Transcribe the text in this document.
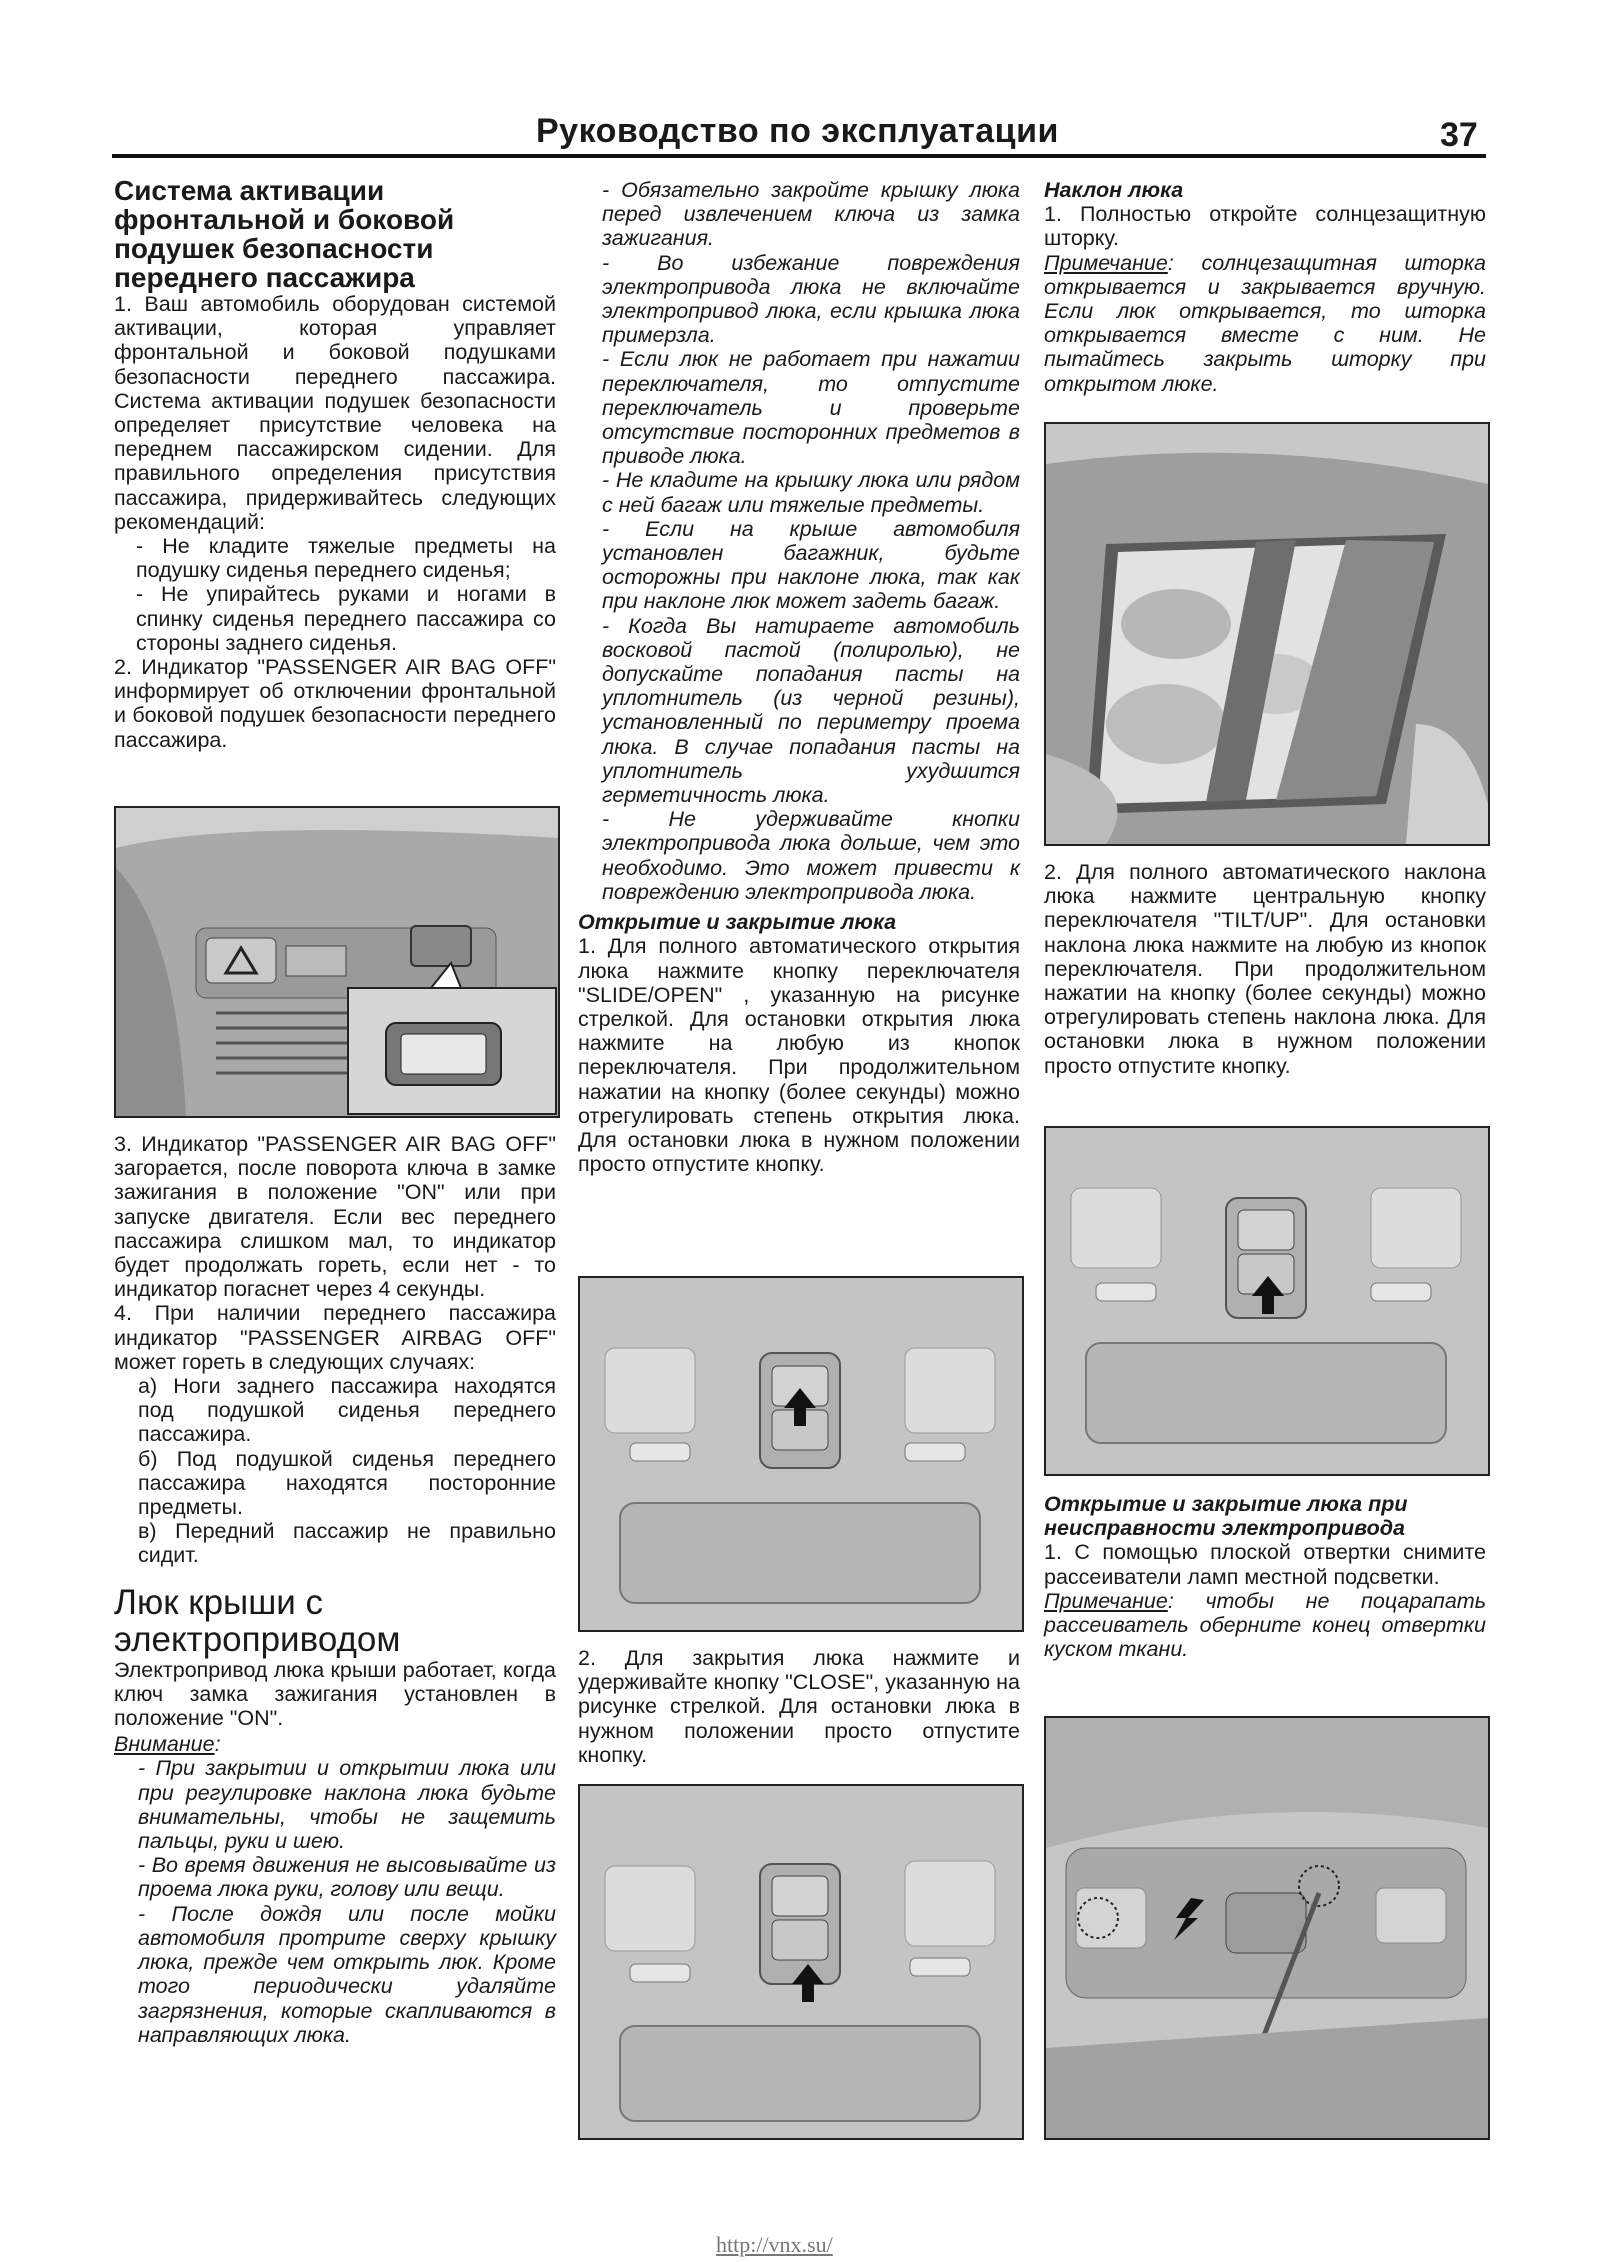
Руководство по эксплуатации	37

Система активации фронтальной и боковой подушек безопасности переднего пассажира

1. Ваш автомобиль оборудован системой активации, которая управляет фронтальной и боковой подушками безопасности переднего пассажира. Система активации подушек безопасности определяет присутствие человека на переднем пассажирском сидении. Для правильного определения присутствия пассажира, придерживайтесь следующих рекомендаций:

- Не кладите тяжелые предметы на подушку сиденья переднего сиденья;

- Не упирайтесь руками и ногами в спинку сиденья переднего пассажира со стороны заднего сиденья.

2. Индикатор "PASSENGER AIR BAG OFF" информирует об отключении фронтальной и боковой подушек безопасности переднего пассажира.

3. Индикатор "PASSENGER AIR BAG OFF" загорается, после поворота ключа в замке зажигания в положение "ON" или при запуске двигателя. Если вес переднего пассажира слишком мал, то индикатор будет продолжать гореть, если нет - то индикатор погаснет через 4 секунды.

4. При наличии переднего пассажира индикатор "PASSENGER AIRBAG OFF" может гореть в следующих случаях:

а) Ноги заднего пассажира находятся под подушкой сиденья переднего пассажира.

б) Под подушкой сиденья переднего пассажира находятся посторонние предметы.

в) Передний пассажир не правильно сидит.

Люк крыши с электроприводом

Электропривод люка крыши работает, когда ключ замка зажигания установлен в положение "ON".

Внимание:

- При закрытии и открытии люка или при регулировке наклона люка будьте внимательны, чтобы не защемить пальцы, руки и шею.

- Во время движения не высовывайте из проема люка руки, голову или вещи.

- После дождя или после мойки автомобиля протрите сверху крышку люка, прежде чем открыть люк. Кроме того периодически удаляйте загрязнения, которые скапливаются в направляющих люка.

- Обязательно закройте крышку люка перед извлечением ключа из замка зажигания.

- Во избежание повреждения электропривода люка не включайте электропривод люка, если крышка люка примерзла.

- Если люк не работает при нажатии переключателя, то отпустите переключатель и проверьте отсутствие посторонних предметов в приводе люка.

- Не кладите на крышку люка или рядом с ней багаж или тяжелые предметы.

- Если на крыше автомобиля установлен багажник, будьте осторожны при наклоне люка, так как при наклоне люк может задеть багаж.

- Когда Вы натираете автомобиль восковой пастой (полиролью), не допускайте попадания пасты на уплотнитель (из черной резины), установленный по периметру проема люка. В случае попадания пасты на уплотнитель ухудшится герметичность люка.

- Не удерживайте кнопки электропривода люка дольше, чем это необходимо. Это может привести к повреждению электропривода люка.

Открытие и закрытие люка

1. Для полного автоматического открытия люка нажмите кнопку переключателя "SLIDE/OPEN" , указанную на рисунке стрелкой. Для остановки открытия люка нажмите на любую из кнопок переключателя. При продолжительном нажатии на кнопку (более секунды) можно отрегулировать степень открытия люка. Для остановки люка в нужном положении просто отпустите кнопку.

2. Для закрытия люка нажмите и удерживайте кнопку "CLOSE", указанную на рисунке стрелкой. Для остановки люка в нужном положении просто отпустите кнопку.

Наклон люка

1. Полностью откройте солнцезащитную шторку.

Примечание: солнцезащитная шторка открывается и закрывается вручную. Если люк открывается, то шторка открывается вместе с ним. Не пытайтесь закрыть шторку при открытом люке.

2. Для полного автоматического наклона люка нажмите центральную кнопку переключателя "TILT/UP". Для остановки наклона люка нажмите на любую из кнопок переключателя. При продолжительном нажатии на кнопку (более секунды) можно отрегулировать степень наклона люка. Для остановки люка в нужном положении просто отпустите кнопку.

Открытие и закрытие люка при неисправности электропривода

1. С помощью плоской отвертки снимите рассеиватели ламп местной подсветки.

Примечание: чтобы не поцарапать рассеиватель оберните конец отвертки куском ткани.

http://vnx.su/
